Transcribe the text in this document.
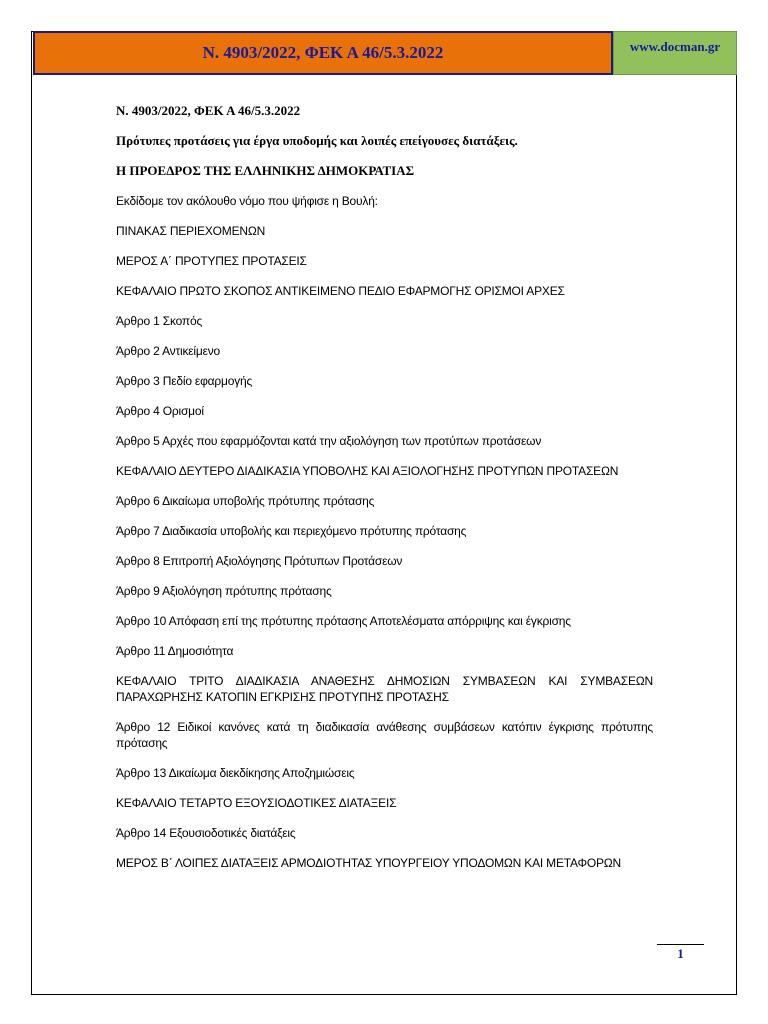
Ν. 4903/2022, ΦΕΚ Α 46/5.3.2022	www.docman.gr

Ν. 4903/2022, ΦΕΚ Α 46/5.3.2022

Πρότυπες προτάσεις για έργα υποδομής και λοιπές επείγουσες διατάξεις.

Η ΠΡΟΕΔΡΟΣ ΤΗΣ ΕΛΛΗΝΙΚΗΣ ΔΗΜΟΚΡΑΤΙΑΣ

Εκδίδομε τον ακόλουθο νόμο που ψήφισε η Βουλή:

ΠΙΝΑΚΑΣ ΠΕΡΙΕΧΟΜΕΝΩΝ

ΜΕΡΟΣ Α΄ ΠΡΟΤΥΠΕΣ ΠΡΟΤΑΣΕΙΣ

ΚΕΦΑΛΑΙΟ ΠΡΩΤΟ ΣΚΟΠΟΣ ΑΝΤΙΚΕΙΜΕΝΟ ΠΕΔΙΟ ΕΦΑΡΜΟΓΗΣ ΟΡΙΣΜΟΙ ΑΡΧΕΣ

Άρθρο 1 Σκοπός

Άρθρο 2 Αντικείμενο

Άρθρο 3 Πεδίο εφαρμογής

Άρθρο 4 Ορισμοί

Άρθρο 5 Αρχές που εφαρμόζονται κατά την αξιολόγηση των προτύπων προτάσεων

ΚΕΦΑΛΑΙΟ ΔΕΥΤΕΡΟ ΔΙΑΔΙΚΑΣΙΑ ΥΠΟΒΟΛΗΣ ΚΑΙ ΑΞΙΟΛΟΓΗΣΗΣ ΠΡΟΤΥΠΩΝ ΠΡΟΤΑΣΕΩΝ

Άρθρο 6 Δικαίωμα υποβολής πρότυπης πρότασης

Άρθρο 7 Διαδικασία υποβολής και περιεχόμενο πρότυπης πρότασης

Άρθρο 8 Επιτροπή Αξιολόγησης Πρότυπων Προτάσεων

Άρθρο 9 Αξιολόγηση πρότυπης πρότασης

Άρθρο 10 Απόφαση επί της πρότυπης πρότασης Αποτελέσματα απόρριψης και έγκρισης

Άρθρο 11 Δημοσιότητα

ΚΕΦΑΛΑΙΟ ΤΡΙΤΟ ΔΙΑΔΙΚΑΣΙΑ ΑΝΑΘΕΣΗΣ ΔΗΜΟΣΙΩΝ ΣΥΜΒΑΣΕΩΝ ΚΑΙ ΣΥΜΒΑΣΕΩΝ ΠΑΡΑΧΩΡΗΣΗΣ ΚΑΤΟΠΙΝ ΕΓΚΡΙΣΗΣ ΠΡΟΤΥΠΗΣ ΠΡΟΤΑΣΗΣ

Άρθρο 12 Ειδικοί κανόνες κατά τη διαδικασία ανάθεσης συμβάσεων κατόπιν έγκρισης πρότυπης πρότασης

Άρθρο 13 Δικαίωμα διεκδίκησης Αποζημιώσεις

ΚΕΦΑΛΑΙΟ ΤΕΤΑΡΤΟ ΕΞΟΥΣΙΟΔΟΤΙΚΕΣ ΔΙΑΤΑΞΕΙΣ

Άρθρο 14 Εξουσιοδοτικές διατάξεις

ΜΕΡΟΣ Β΄ ΛΟΙΠΕΣ ΔΙΑΤΑΞΕΙΣ ΑΡΜΟΔΙΟΤΗΤΑΣ ΥΠΟΥΡΓΕΙΟΥ ΥΠΟΔΟΜΩΝ ΚΑΙ ΜΕΤΑΦΟΡΩΝ

1
